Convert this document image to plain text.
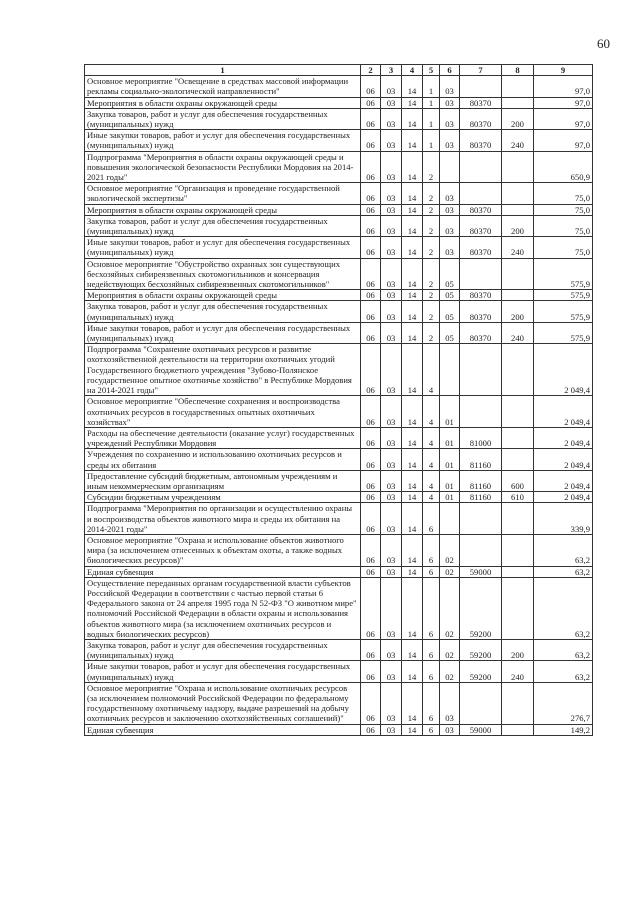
60
1	2	3	4	5	6	7	8	9
Основное мероприятие "Освещение в средствах массовой информации рекламы социально-экологической направленности"	06	03	14	1	03			97,0
Мероприятия в области охраны окружающей среды	06	03	14	1	03	80370		97,0
Закупка товаров, работ и услуг для обеспечения государственных (муниципальных) нужд	06	03	14	1	03	80370	200	97,0
Иные закупки товаров, работ и услуг для обеспечения государственных (муниципальных) нужд	06	03	14	1	03	80370	240	97,0
Подпрограмма "Мероприятия в области охраны окружающей среды и повышения экологической безопасности Республики Мордовия на 2014-2021 годы"	06	03	14	2				650,9
Основное мероприятие "Организация и проведение государственной экологической экспертизы"	06	03	14	2	03			75,0
Мероприятия в области охраны окружающей среды	06	03	14	2	03	80370		75,0
Закупка товаров, работ и услуг для обеспечения государственных (муниципальных) нужд	06	03	14	2	03	80370	200	75,0
Иные закупки товаров, работ и услуг для обеспечения государственных (муниципальных) нужд	06	03	14	2	03	80370	240	75,0
Основное мероприятие "Обустройство охранных зон существующих бесхозяйных сибиреязвенных скотомогильников и консервация недействующих бесхозяйных сибиреязвенных скотомогильников"	06	03	14	2	05			575,9
Мероприятия в области охраны окружающей среды	06	03	14	2	05	80370		575,9
Закупка товаров, работ и услуг для обеспечения государственных (муниципальных) нужд	06	03	14	2	05	80370	200	575,9
Иные закупки товаров, работ и услуг для обеспечения государственных (муниципальных) нужд	06	03	14	2	05	80370	240	575,9
Подпрограмма "Сохранение охотничьих ресурсов и развитие охотхозяйственной деятельности на территории охотничьих угодий Государственного бюджетного учреждения "Зубово-Полянское государственное опытное охотничье хозяйство" в Республике Мордовия на 2014-2021 годы"	06	03	14	4				2 049,4
Основное мероприятие "Обеспечение сохранения и воспроизводства охотничьих ресурсов в государственных опытных охотничьих хозяйствах"	06	03	14	4	01			2 049,4
Расходы на обеспечение деятельности (оказание услуг) государственных учреждений Республики Мордовия	06	03	14	4	01	81000		2 049,4
Учреждения по сохранению и использованию охотничьих ресурсов и среды их обитания	06	03	14	4	01	81160		2 049,4
Предоставление субсидий бюджетным, автономным учреждениям и иным некоммерческим организациям	06	03	14	4	01	81160	600	2 049,4
Субсидии бюджетным учреждениям	06	03	14	4	01	81160	610	2 049,4
Подпрограмма "Мероприятия по организации и осуществлению охраны и воспроизводства объектов животного мира и среды их обитания на 2014-2021 годы"	06	03	14	6				339,9
Основное мероприятие "Охрана и использование объектов животного мира (за исключением отнесенных к объектам охоты, а также водных биологических ресурсов)"	06	03	14	6	02			63,2
Единая субвенция	06	03	14	6	02	59000		63,2
Осуществление переданных органам государственной власти субъектов Российской Федерации в соответствии с частью первой статьи 6 Федерального закона от 24 апреля 1995 года N 52-ФЗ "О животном мире" полномочий Российской Федерации в области охраны и использования объектов животного мира (за исключением охотничьих ресурсов и водных биологических ресурсов)	06	03	14	6	02	59200		63,2
Закупка товаров, работ и услуг для обеспечения государственных (муниципальных) нужд	06	03	14	6	02	59200	200	63,2
Иные закупки товаров, работ и услуг для обеспечения государственных (муниципальных) нужд	06	03	14	6	02	59200	240	63,2
Основное мероприятие "Охрана и использование охотничьих ресурсов (за исключением полномочий Российской Федерации по федеральному государственному охотничьему надзору, выдаче разрешений на добычу охотничьих ресурсов и заключению охотхозяйственных соглашений)"	06	03	14	6	03			276,7
Единая субвенция	06	03	14	6	03	59000		149,2
